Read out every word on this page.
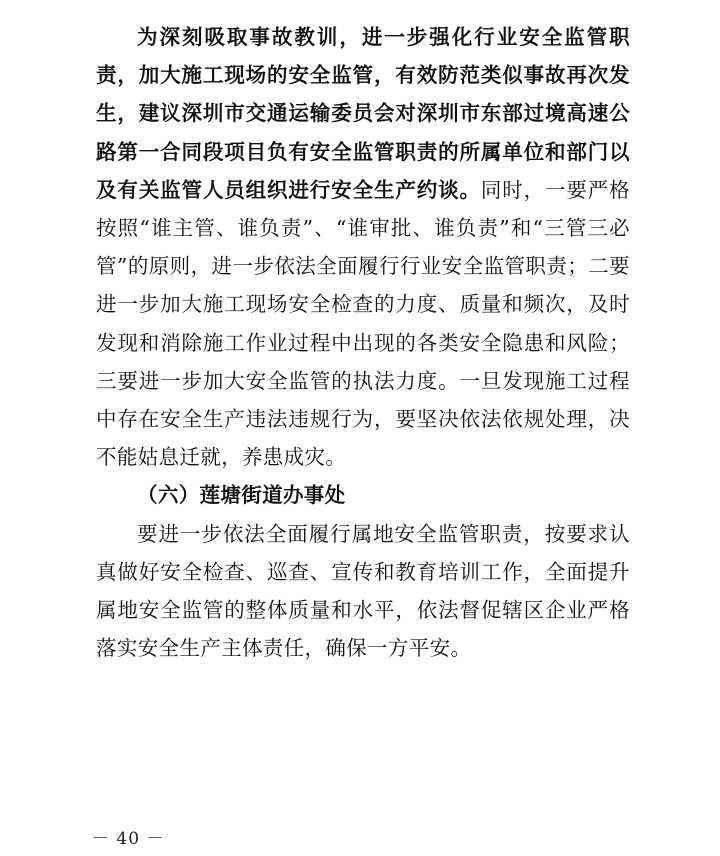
为深刻吸取事故教训，进一步强化行业安全监管职责，加大施工现场的安全监管，有效防范类似事故再次发生，建议深圳市交通运输委员会对深圳市东部过境高速公路第一合同段项目负有安全监管职责的所属单位和部门以及有关监管人员组织进行安全生产约谈。同时，一要严格按照“谁主管、谁负责”、“谁审批、谁负责”和“三管三必管”的原则，进一步依法全面履行行业安全监管职责；二要进一步加大施工现场安全检查的力度、质量和频次，及时发现和消除施工作业过程中出现的各类安全隐患和风险；三要进一步加大安全监管的执法力度。一旦发现施工过程中存在安全生产违法违规行为，要坚决依法依规处理，决不能姑息迁就，养患成灾。

（六）莲塘街道办事处

要进一步依法全面履行属地安全监管职责，按要求认真做好安全检查、巡查、宣传和教育培训工作，全面提升属地安全监管的整体质量和水平，依法督促辖区企业严格落实安全生产主体责任，确保一方平安。

－ 40 －
